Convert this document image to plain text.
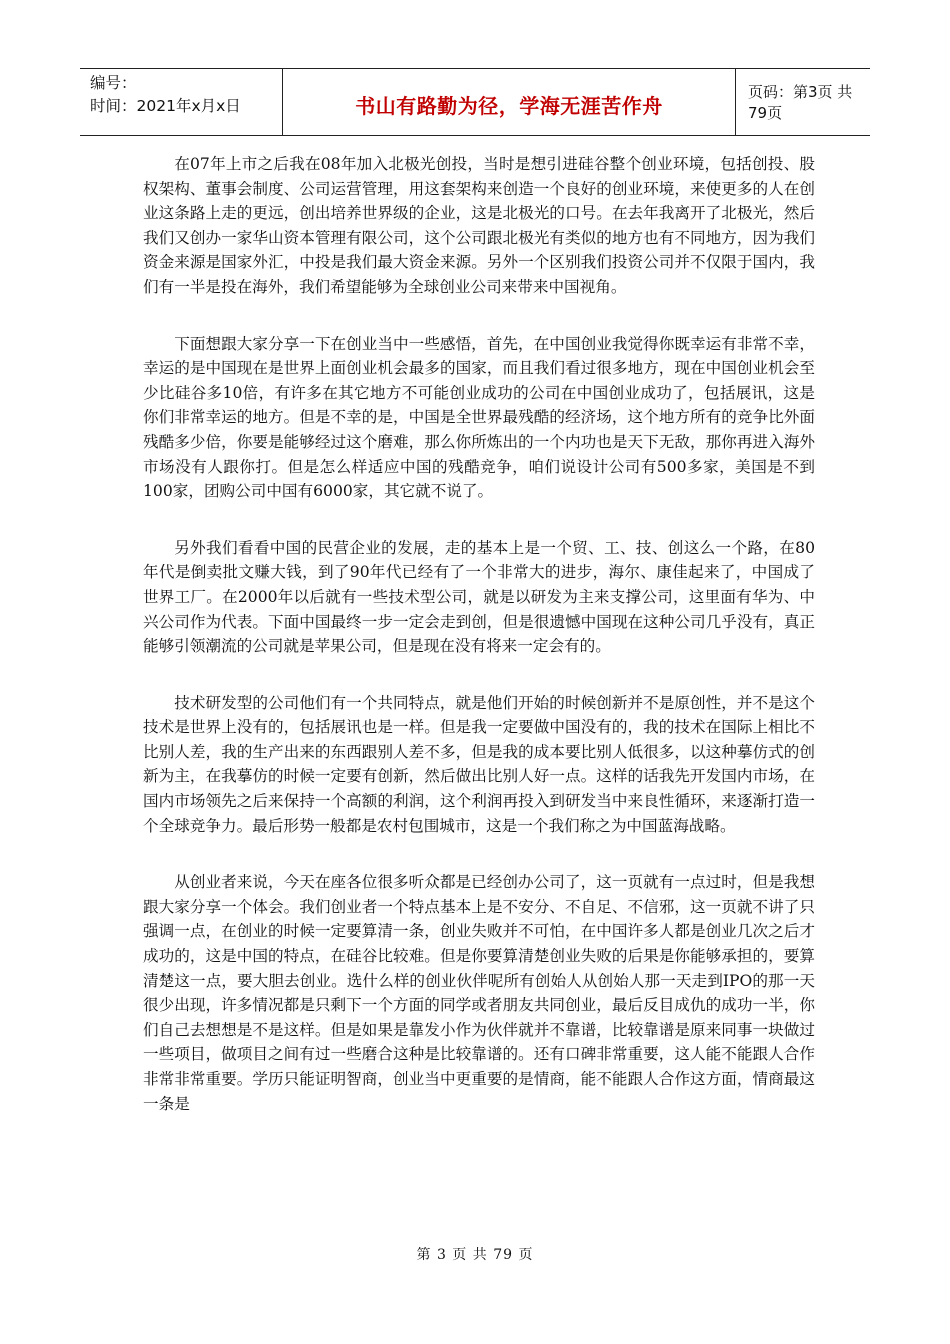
编号：
时间：2021年x月x日	书山有路勤为径，学海无涯苦作舟
页码：第3页 共79页

在07年上市之后我在08年加入北极光创投，当时是想引进硅谷整个创业环境，包括创投、股权架构、董事会制度、公司运营管理，用这套架构来创造一个良好的创业环境，来使更多的人在创业这条路上走的更远，创出培养世界级的企业，这是北极光的口号。在去年我离开了北极光，然后我们又创办一家华山资本管理有限公司，这个公司跟北极光有类似的地方也有不同地方，因为我们资金来源是国家外汇，中投是我们最大资金来源。另外一个区别我们投资公司并不仅限于国内，我们有一半是投在海外，我们希望能够为全球创业公司来带来中国视角。

下面想跟大家分享一下在创业当中一些感悟，首先，在中国创业我觉得你既幸运有非常不幸，幸运的是中国现在是世界上面创业机会最多的国家，而且我们看过很多地方，现在中国创业机会至少比硅谷多10倍，有许多在其它地方不可能创业成功的公司在中国创业成功了，包括展讯，这是你们非常幸运的地方。但是不幸的是，中国是全世界最残酷的经济场，这个地方所有的竞争比外面残酷多少倍，你要是能够经过这个磨难，那么你所炼出的一个内功也是天下无敌，那你再进入海外市场没有人跟你打。但是怎么样适应中国的残酷竞争，咱们说设计公司有500多家，美国是不到100家，团购公司中国有6000家，其它就不说了。

另外我们看看中国的民营企业的发展，走的基本上是一个贸、工、技、创这么一个路，在80年代是倒卖批文赚大钱，到了90年代已经有了一个非常大的进步，海尔、康佳起来了，中国成了世界工厂。在2000年以后就有一些技术型公司，就是以研发为主来支撑公司，这里面有华为、中兴公司作为代表。下面中国最终一步一定会走到创，但是很遗憾中国现在这种公司几乎没有，真正能够引领潮流的公司就是苹果公司，但是现在没有将来一定会有的。

技术研发型的公司他们有一个共同特点，就是他们开始的时候创新并不是原创性，并不是这个技术是世界上没有的，包括展讯也是一样。但是我一定要做中国没有的，我的技术在国际上相比不比别人差，我的生产出来的东西跟别人差不多，但是我的成本要比别人低很多，以这种摹仿式的创新为主，在我摹仿的时候一定要有创新，然后做出比别人好一点。这样的话我先开发国内市场，在国内市场领先之后来保持一个高额的利润，这个利润再投入到研发当中来良性循环，来逐渐打造一个全球竞争力。最后形势一般都是农村包围城市，这是一个我们称之为中国蓝海战略。

从创业者来说，今天在座各位很多听众都是已经创办公司了，这一页就有一点过时，但是我想跟大家分享一个体会。我们创业者一个特点基本上是不安分、不自足、不信邪，这一页就不讲了只强调一点，在创业的时候一定要算清一条，创业失败并不可怕，在中国许多人都是创业几次之后才成功的，这是中国的特点，在硅谷比较难。但是你要算清楚创业失败的后果是你能够承担的，要算清楚这一点，要大胆去创业。选什么样的创业伙伴呢所有创始人从创始人那一天走到IPO的那一天很少出现，许多情况都是只剩下一个方面的同学或者朋友共同创业，最后反目成仇的成功一半，你们自己去想想是不是这样。但是如果是靠发小作为伙伴就并不靠谱，比较靠谱是原来同事一块做过一些项目，做项目之间有过一些磨合这种是比较靠谱的。还有口碑非常重要，这人能不能跟人合作非常非常重要。学历只能证明智商，创业当中更重要的是情商，能不能跟人合作这方面，情商最这一条是

第 3 页 共 79 页
